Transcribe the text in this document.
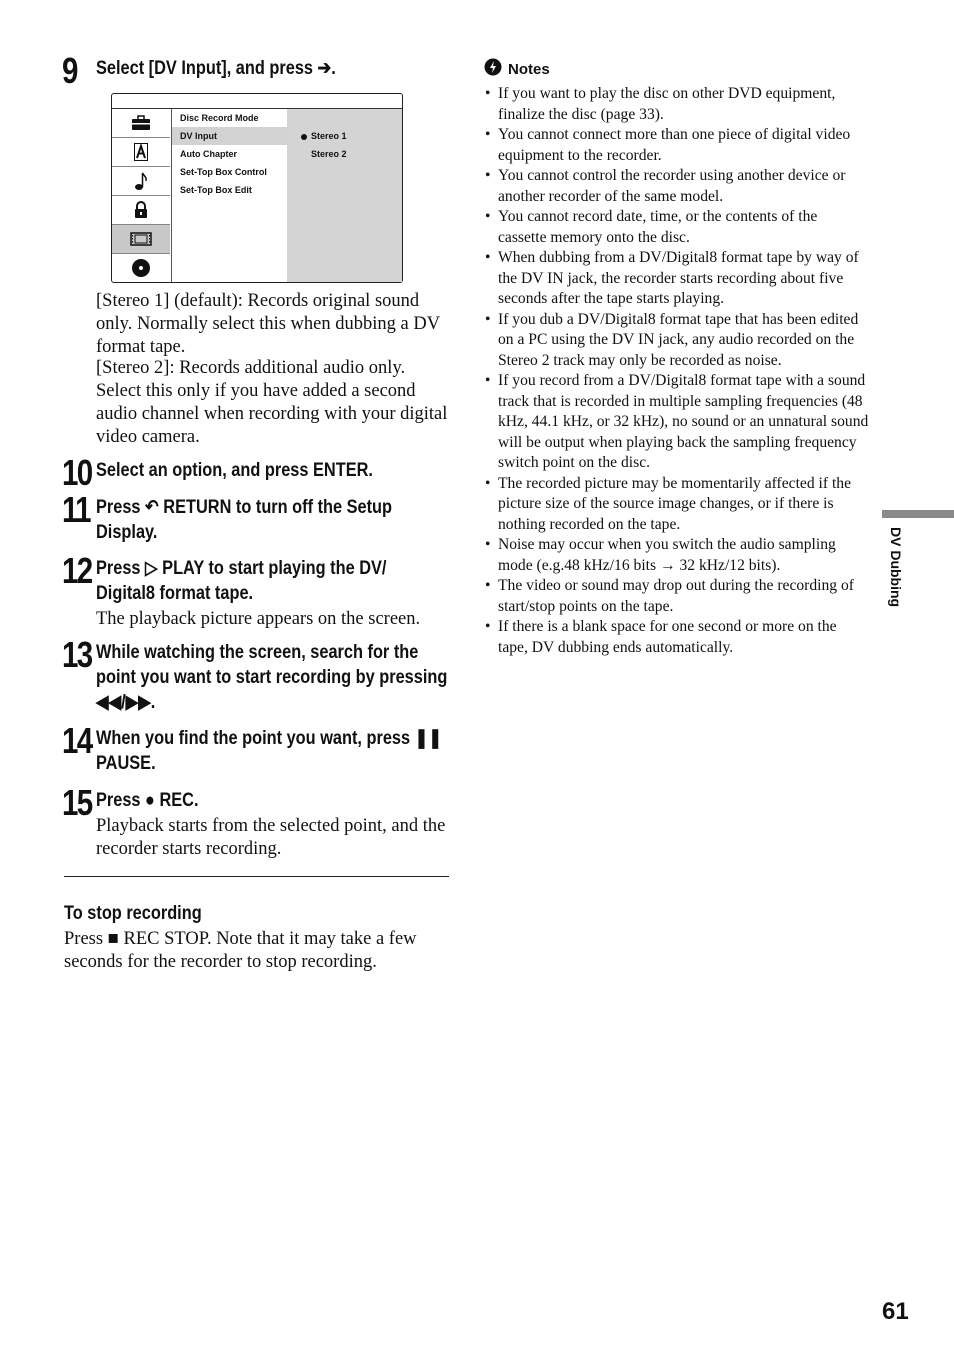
9 Select [DV Input], and press ➔.
Disc Record Mode
DV Input
Auto Chapter
Set-Top Box Control
Set-Top Box Edit
Stereo 1
Stereo 2
[Stereo 1] (default): Records original sound only. Normally select this when dubbing a DV format tape.
[Stereo 2]: Records additional audio only. Select this only if you have added a second audio channel when recording with your digital video camera.
10 Select an option, and press ENTER.
11 Press ↶ RETURN to turn off the Setup Display.
12 Press ▷ PLAY to start playing the DV/ Digital8 format tape.
The playback picture appears on the screen.
13 While watching the screen, search for the point you want to start recording by pressing ◀◀/▶▶.
14 When you find the point you want, press ❚❚ PAUSE.
15 Press ● REC.
Playback starts from the selected point, and the recorder starts recording.
To stop recording
Press ■ REC STOP. Note that it may take a few seconds for the recorder to stop recording.
Notes
• If you want to play the disc on other DVD equipment, finalize the disc (page 33).
• You cannot connect more than one piece of digital video equipment to the recorder.
• You cannot control the recorder using another device or another recorder of the same model.
• You cannot record date, time, or the contents of the cassette memory onto the disc.
• When dubbing from a DV/Digital8 format tape by way of the DV IN jack, the recorder starts recording about five seconds after the tape starts playing.
• If you dub a DV/Digital8 format tape that has been edited on a PC using the DV IN jack, any audio recorded on the Stereo 2 track may only be recorded as noise.
• If you record from a DV/Digital8 format tape with a sound track that is recorded in multiple sampling frequencies (48 kHz, 44.1 kHz, or 32 kHz), no sound or an unnatural sound will be output when playing back the sampling frequency switch point on the disc.
• The recorded picture may be momentarily affected if the picture size of the source image changes, or if there is nothing recorded on the tape.
• Noise may occur when you switch the audio sampling mode (e.g.48 kHz/16 bits → 32 kHz/12 bits).
• The video or sound may drop out during the recording of start/stop points on the tape.
• If there is a blank space for one second or more on the tape, DV dubbing ends automatically.
DV Dubbing
61
